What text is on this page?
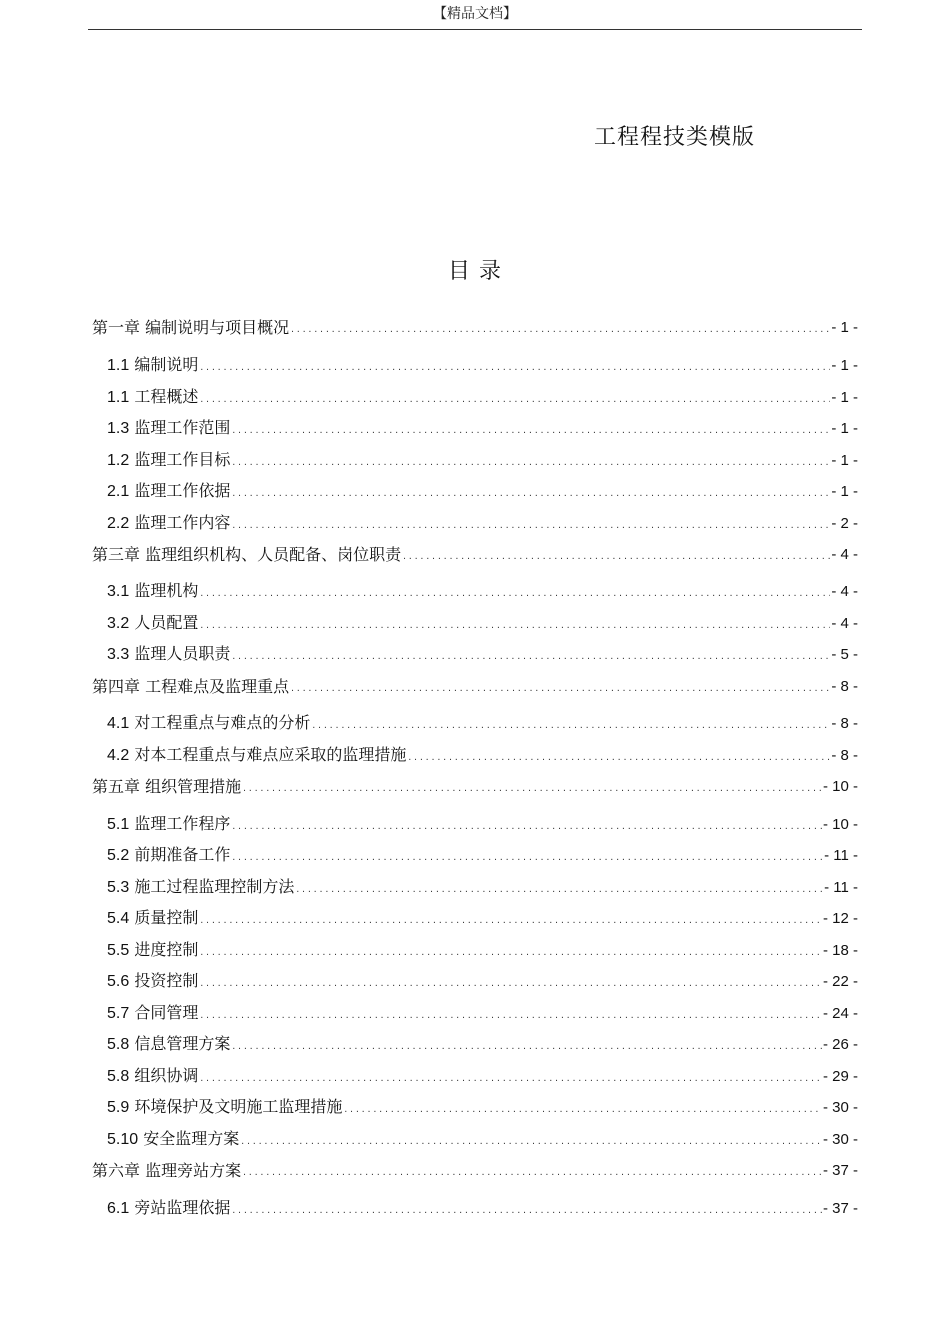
【精品文档】
工程程技类模版
目 录
第一章 编制说明与项目概况 .....	- 1 -
1.1 编制说明 .....	- 1 -
1.1 工程概述 .....	- 1 -
1.3 监理工作范围 .....	- 1 -
1.2 监理工作目标 .....	- 1 -
2.1 监理工作依据 .....	- 1 -
2.2 监理工作内容 .....	- 2 -
第三章 监理组织机构、人员配备、岗位职责 .....	- 4 -
3.1 监理机构 .....	- 4 -
3.2 人员配置 .....	- 4 -
3.3 监理人员职责 .....	- 5 -
第四章 工程难点及监理重点 .....	- 8 -
4.1 对工程重点与难点的分析 .....	- 8 -
4.2 对本工程重点与难点应采取的监理措施 .....	- 8 -
第五章 组织管理措施 .....	- 10 -
5.1 监理工作程序 .....	- 10 -
5.2 前期准备工作 .....	- 11 -
5.3 施工过程监理控制方法 .....	- 11 -
5.4 质量控制 .....	- 12 -
5.5 进度控制 .....	- 18 -
5.6 投资控制 .....	- 22 -
5.7 合同管理 .....	- 24 -
5.8 信息管理方案 .....	- 26 -
5.8 组织协调 .....	- 29 -
5.9 环境保护及文明施工监理措施 .....	- 30 -
5.10 安全监理方案 .....	- 30 -
第六章 监理旁站方案 .....	- 37 -
6.1 旁站监理依据 .....	- 37 -
